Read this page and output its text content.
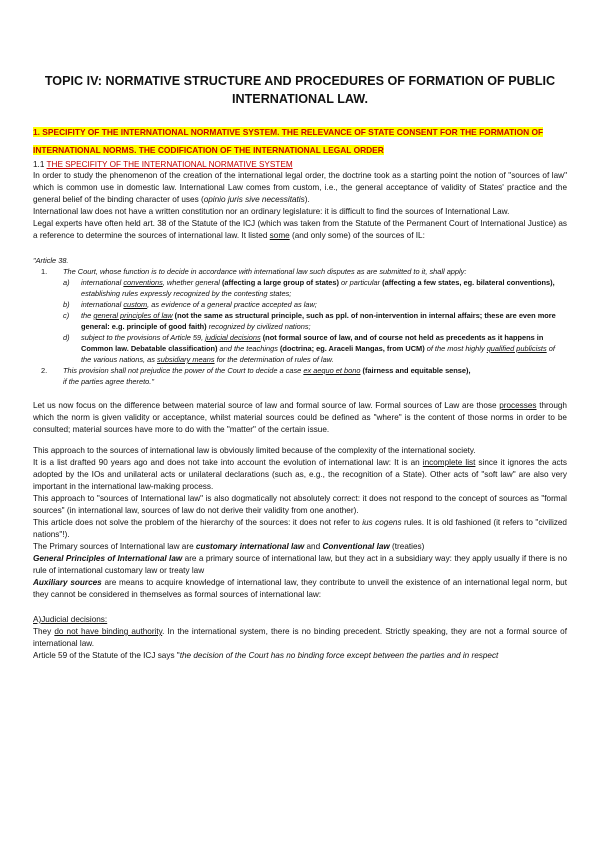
TOPIC IV: NORMATIVE STRUCTURE AND PROCEDURES OF FORMATION OF PUBLIC INTERNATIONAL LAW.
1. SPECIFITY OF THE INTERNATIONAL NORMATIVE SYSTEM. THE RELEVANCE OF STATE CONSENT FOR THE FORMATION OF INTERNATIONAL NORMS. THE CODIFICATION OF THE INTERNATIONAL LEGAL ORDER
1.1 THE SPECIFITY OF THE INTERNATIONAL NORMATIVE SYSTEM

In order to study the phenomenon of the creation of the international legal order, the doctrine took as a starting point the notion of "sources of law" which is common use in domestic law. International Law comes from custom, i.e., the general acceptance of validity of States' practice and the general belief of the binding character of uses (opinio juris sive necessitatis).

International law does not have a written constitution nor an ordinary legislature: it is difficult to find the sources of International Law.

Legal experts have often held art. 38 of the Statute of the ICJ (which was taken from the Statute of the Permanent Court of International Justice) as a reference to determine the sources of international law. It listed some (and only some) of the sources of IL:

"Article 38.
1.	The Court, whose function is to decide in accordance with international law such disputes as are submitted to it, shall apply:
a)	international conventions, whether general (affecting a large group of states) or particular (affecting a few states, eg. bilateral conventions), establishing rules expressly recognized by the contesting states;
b)	international custom, as evidence of a general practice accepted as law;
c)	the general principles of law (not the same as structural principle, such as ppl. of non-intervention in internal affairs; these are even more general: e.g. principle of good faith) recognized by civilized nations;
d)	subject to the provisions of Article 59, judicial decisions (not formal source of law, and of course not held as precedents as it happens in Common law. Debatable classification) and the teachings (doctrina; eg. Araceli Mangas, from UCM) of the most highly qualified publicists of the various nations, as subsidiary means for the determination of rules of law.
2.	This provision shall not prejudice the power of the Court to decide a case ex aequo et bono (fairness and equitable sense),
if the parties agree thereto."

Let us now focus on the difference between material source of law and formal source of law. Formal sources of Law are those processes through which the norm is given validity or acceptance, whilst material sources could be defined as "where" is the content of those norms in order to be consulted; material sources have more to do with the "matter" of the certain issue.

This approach to the sources of international law is obviously limited because of the complexity of the international society.

It is a list drafted 90 years ago and does not take into account the evolution of international law: It is an incomplete list since it ignores the acts adopted by the IOs and unilateral acts or unilateral declarations (such as, e.g., the recognition of a State). Other acts of "soft law" are also very important in the international law-making process.

This approach to "sources of International law" is also dogmatically not absolutely correct: it does not respond to the concept of sources as "formal sources" (in international law, sources of law do not derive their validity from one another).

This article does not solve the problem of the hierarchy of the sources: it does not refer to ius cogens rules. It is old fashioned (it refers to "civilized nations"!).

The Primary sources of International law are customary international law and Conventional law (treaties)

General Principles of International law are a primary source of international law, but they act in a subsidiary way: they apply usually if there is no rule of international customary law or treaty law

Auxiliary sources are means to acquire knowledge of international law, they contribute to unveil the existence of an international legal norm, but they cannot be considered in themselves as formal sources of international law:

A)Judicial decisions:

They do not have binding authority. In the international system, there is no binding precedent. Strictly speaking, they are not a formal source of international law.

Article 59 of the Statute of the ICJ says "the decision of the Court has no binding force except between the parties and in respect
